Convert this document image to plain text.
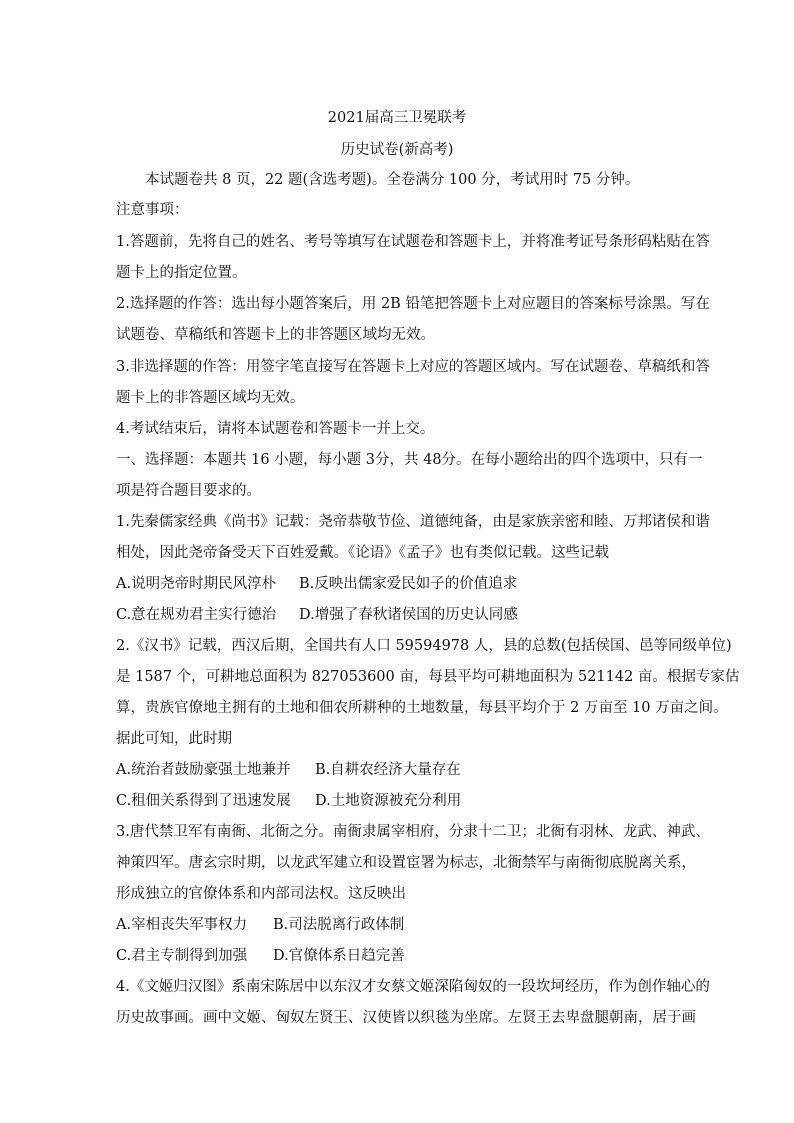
2021届高三卫冕联考
历史试卷(新高考)
本试题卷共 8 页，22 题(含选考题)。全卷满分 100 分，考试用时 75 分钟。
注意事项：
1.答题前，先将自己的姓名、考号等填写在试题卷和答题卡上，并将准考证号条形码粘贴在答
题卡上的指定位置。
2.选择题的作答：选出每小题答案后，用 2B 铅笔把答题卡上对应题目的答案标号涂黑。写在
试题卷、草稿纸和答题卡上的非答题区域均无效。
3.非选择题的作答：用签字笔直接写在答题卡上对应的答题区域内。写在试题卷、草稿纸和答
题卡上的非答题区域均无效。
4.考试结束后，请将本试题卷和答题卡一并上交。
一、选择题：本题共 16 小题，每小题 3分，共 48分。在每小题给出的四个选项中，只有一
项是符合题目要求的。
1.先秦儒家经典《尚书》记载：尧帝恭敬节俭、道德纯备，由是家族亲密和睦、万邦诸侯和谐
相处，因此尧帝备受天下百姓爱戴。《论语》《孟子》也有类似记载。这些记载
A.说明尧帝时期民风淳朴 B.反映出儒家爱民如子的价值追求
C.意在规劝君主实行德治 D.增强了春秋诸侯国的历史认同感
2.《汉书》记载，西汉后期，全国共有人口 59594978 人，县的总数(包括侯国、邑等同级单位)
是 1587 个，可耕地总面积为 827053600 亩，每县平均可耕地面积为 521142 亩。根据专家估
算，贵族官僚地主拥有的土地和佃农所耕种的土地数量，每县平均介于 2 万亩至 10 万亩之间。
据此可知，此时期
A.统治者鼓励豪强土地兼并 B.自耕农经济大量存在
C.租佃关系得到了迅速发展 D.土地资源被充分利用
3.唐代禁卫军有南衙、北衙之分。南衙隶属宰相府，分隶十二卫；北衙有羽林、龙武、神武、
神策四军。唐玄宗时期，以龙武军建立和设置宦署为标志，北衙禁军与南衙彻底脱离关系，
形成独立的官僚体系和内部司法权。这反映出
A.宰相丧失军事权力 B.司法脱离行政体制
C.君主专制得到加强 D.官僚体系日趋完善
4.《文姬归汉图》系南宋陈居中以东汉才女蔡文姬深陷匈奴的一段坎坷经历，作为创作轴心的
历史故事画。画中文姬、匈奴左贤王、汉使皆以织毯为坐席。左贤王去卑盘腿朝南，居于画
